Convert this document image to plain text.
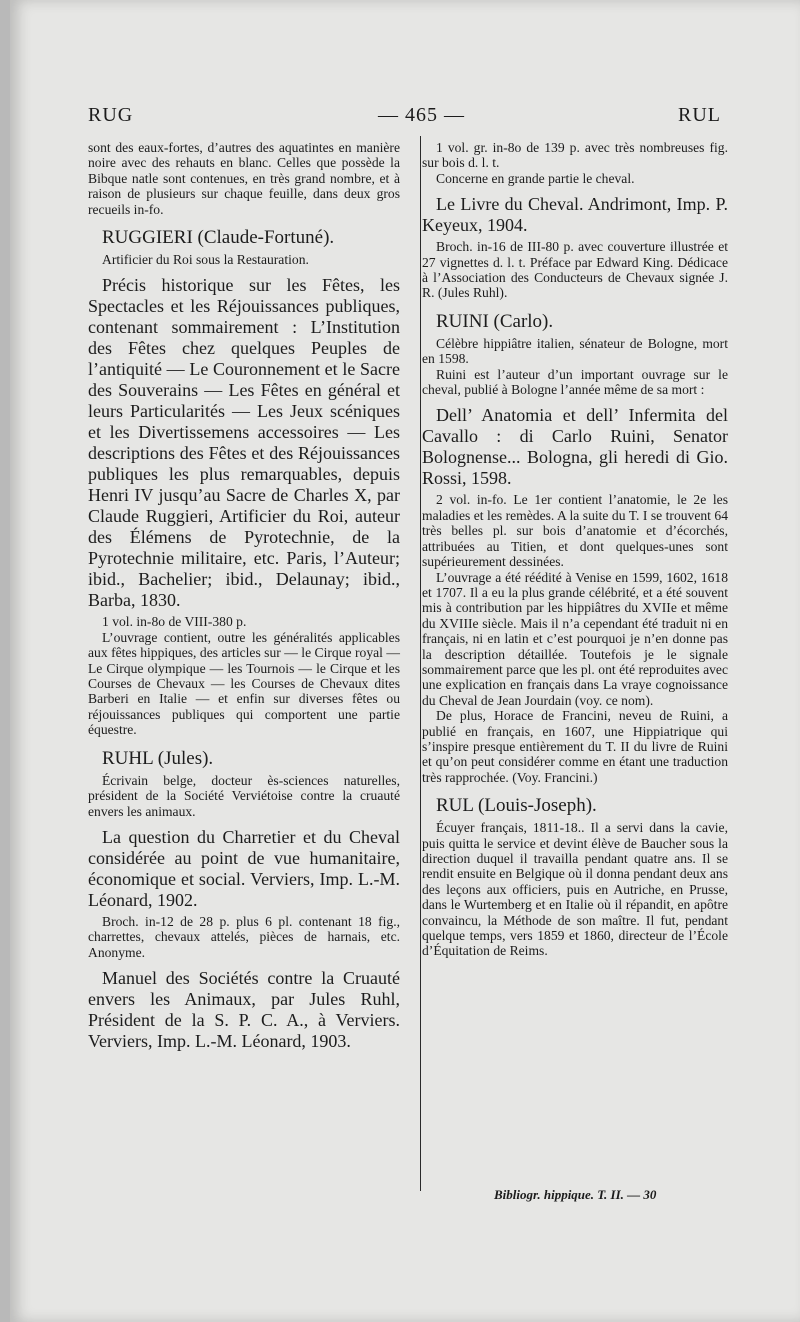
RUG	— 465 —	RUL

sont des eaux-fortes, d’autres des aquatintes en manière noire avec des rehauts en blanc. Celles que possède la Bibque natle sont contenues, en très grand nombre, et à raison de plusieurs sur chaque feuille, dans deux gros recueils in-fo.

RUGGIERI (Claude-Fortuné).

Artificier du Roi sous la Restauration.

Précis historique sur les Fêtes, les Spectacles et les Réjouissances publiques, contenant sommairement : L’Institution des Fêtes chez quelques Peuples de l’antiquité — Le Couronnement et le Sacre des Souverains — Les Fêtes en général et leurs Particularités — Les Jeux scéniques et les Divertissemens accessoires — Les descriptions des Fêtes et des Réjouissances publiques les plus remarquables, depuis Henri IV jusqu’au Sacre de Charles X, par Claude Ruggieri, Artificier du Roi, auteur des Élémens de Pyrotechnie, de la Pyrotechnie militaire, etc. Paris, l’Auteur; ibid., Bachelier; ibid., Delaunay; ibid., Barba, 1830.

1 vol. in-8o de VIII-380 p.

L’ouvrage contient, outre les généralités applicables aux fêtes hippiques, des articles sur — le Cirque royal — Le Cirque olympique — les Tournois — le Cirque et les Courses de Chevaux — les Courses de Chevaux dites Barberi en Italie — et enfin sur diverses fêtes ou réjouissances publiques qui comportent une partie équestre.

RUHL (Jules).

Écrivain belge, docteur ès-sciences naturelles, président de la Société Verviétoise contre la cruauté envers les animaux.

La question du Charretier et du Cheval considérée au point de vue humanitaire, économique et social. Verviers, Imp. L.-M. Léonard, 1902.

Broch. in-12 de 28 p. plus 6 pl. contenant 18 fig., charrettes, chevaux attelés, pièces de harnais, etc. Anonyme.

Manuel des Sociétés contre la Cruauté envers les Animaux, par Jules Ruhl, Président de la S. P. C. A., à Verviers. Verviers, Imp. L.-M. Léonard, 1903.

1 vol. gr. in-8o de 139 p. avec très nombreuses fig. sur bois d. l. t.

Concerne en grande partie le cheval.

Le Livre du Cheval. Andrimont, Imp. P. Keyeux, 1904.

Broch. in-16 de III-80 p. avec couverture illustrée et 27 vignettes d. l. t. Préface par Edward King. Dédicace à l’Association des Conducteurs de Chevaux signée J. R. (Jules Ruhl).

RUINI (Carlo).

Célèbre hippiâtre italien, sénateur de Bologne, mort en 1598.

Ruini est l’auteur d’un important ouvrage sur le cheval, publié à Bologne l’année même de sa mort :

Dell’ Anatomia et dell’ Infermita del Cavallo : di Carlo Ruini, Senator Bolognense... Bologna, gli heredi di Gio. Rossi, 1598.

2 vol. in-fo. Le 1er contient l’anatomie, le 2e les maladies et les remèdes. A la suite du T. I se trouvent 64 très belles pl. sur bois d’anatomie et d’écorchés, attribuées au Titien, et dont quelques-unes sont supérieurement dessinées.

L’ouvrage a été réédité à Venise en 1599, 1602, 1618 et 1707. Il a eu la plus grande célébrité, et a été souvent mis à contribution par les hippiâtres du XVIIe et même du XVIIIe siècle. Mais il n’a cependant été traduit ni en français, ni en latin et c’est pourquoi je n’en donne pas la description détaillée. Toutefois je le signale sommairement parce que les pl. ont été reproduites avec une explication en français dans La vraye cognoissance du Cheval de Jean Jourdain (voy. ce nom).

De plus, Horace de Francini, neveu de Ruini, a publié en français, en 1607, une Hippiatrique qui s’inspire presque entièrement du T. II du livre de Ruini et qu’on peut considérer comme en étant une traduction très rapprochée. (Voy. Francini.)

RUL (Louis-Joseph).

Écuyer français, 1811-18.. Il a servi dans la cavie, puis quitta le service et devint élève de Baucher sous la direction duquel il travailla pendant quatre ans. Il se rendit ensuite en Belgique où il donna pendant deux ans des leçons aux officiers, puis en Autriche, en Prusse, dans le Wurtemberg et en Italie où il répandit, en apôtre convaincu, la Méthode de son maître. Il fut, pendant quelque temps, vers 1859 et 1860, directeur de l’École d’Équitation de Reims.

Bibliogr. hippique. T. II. — 30
